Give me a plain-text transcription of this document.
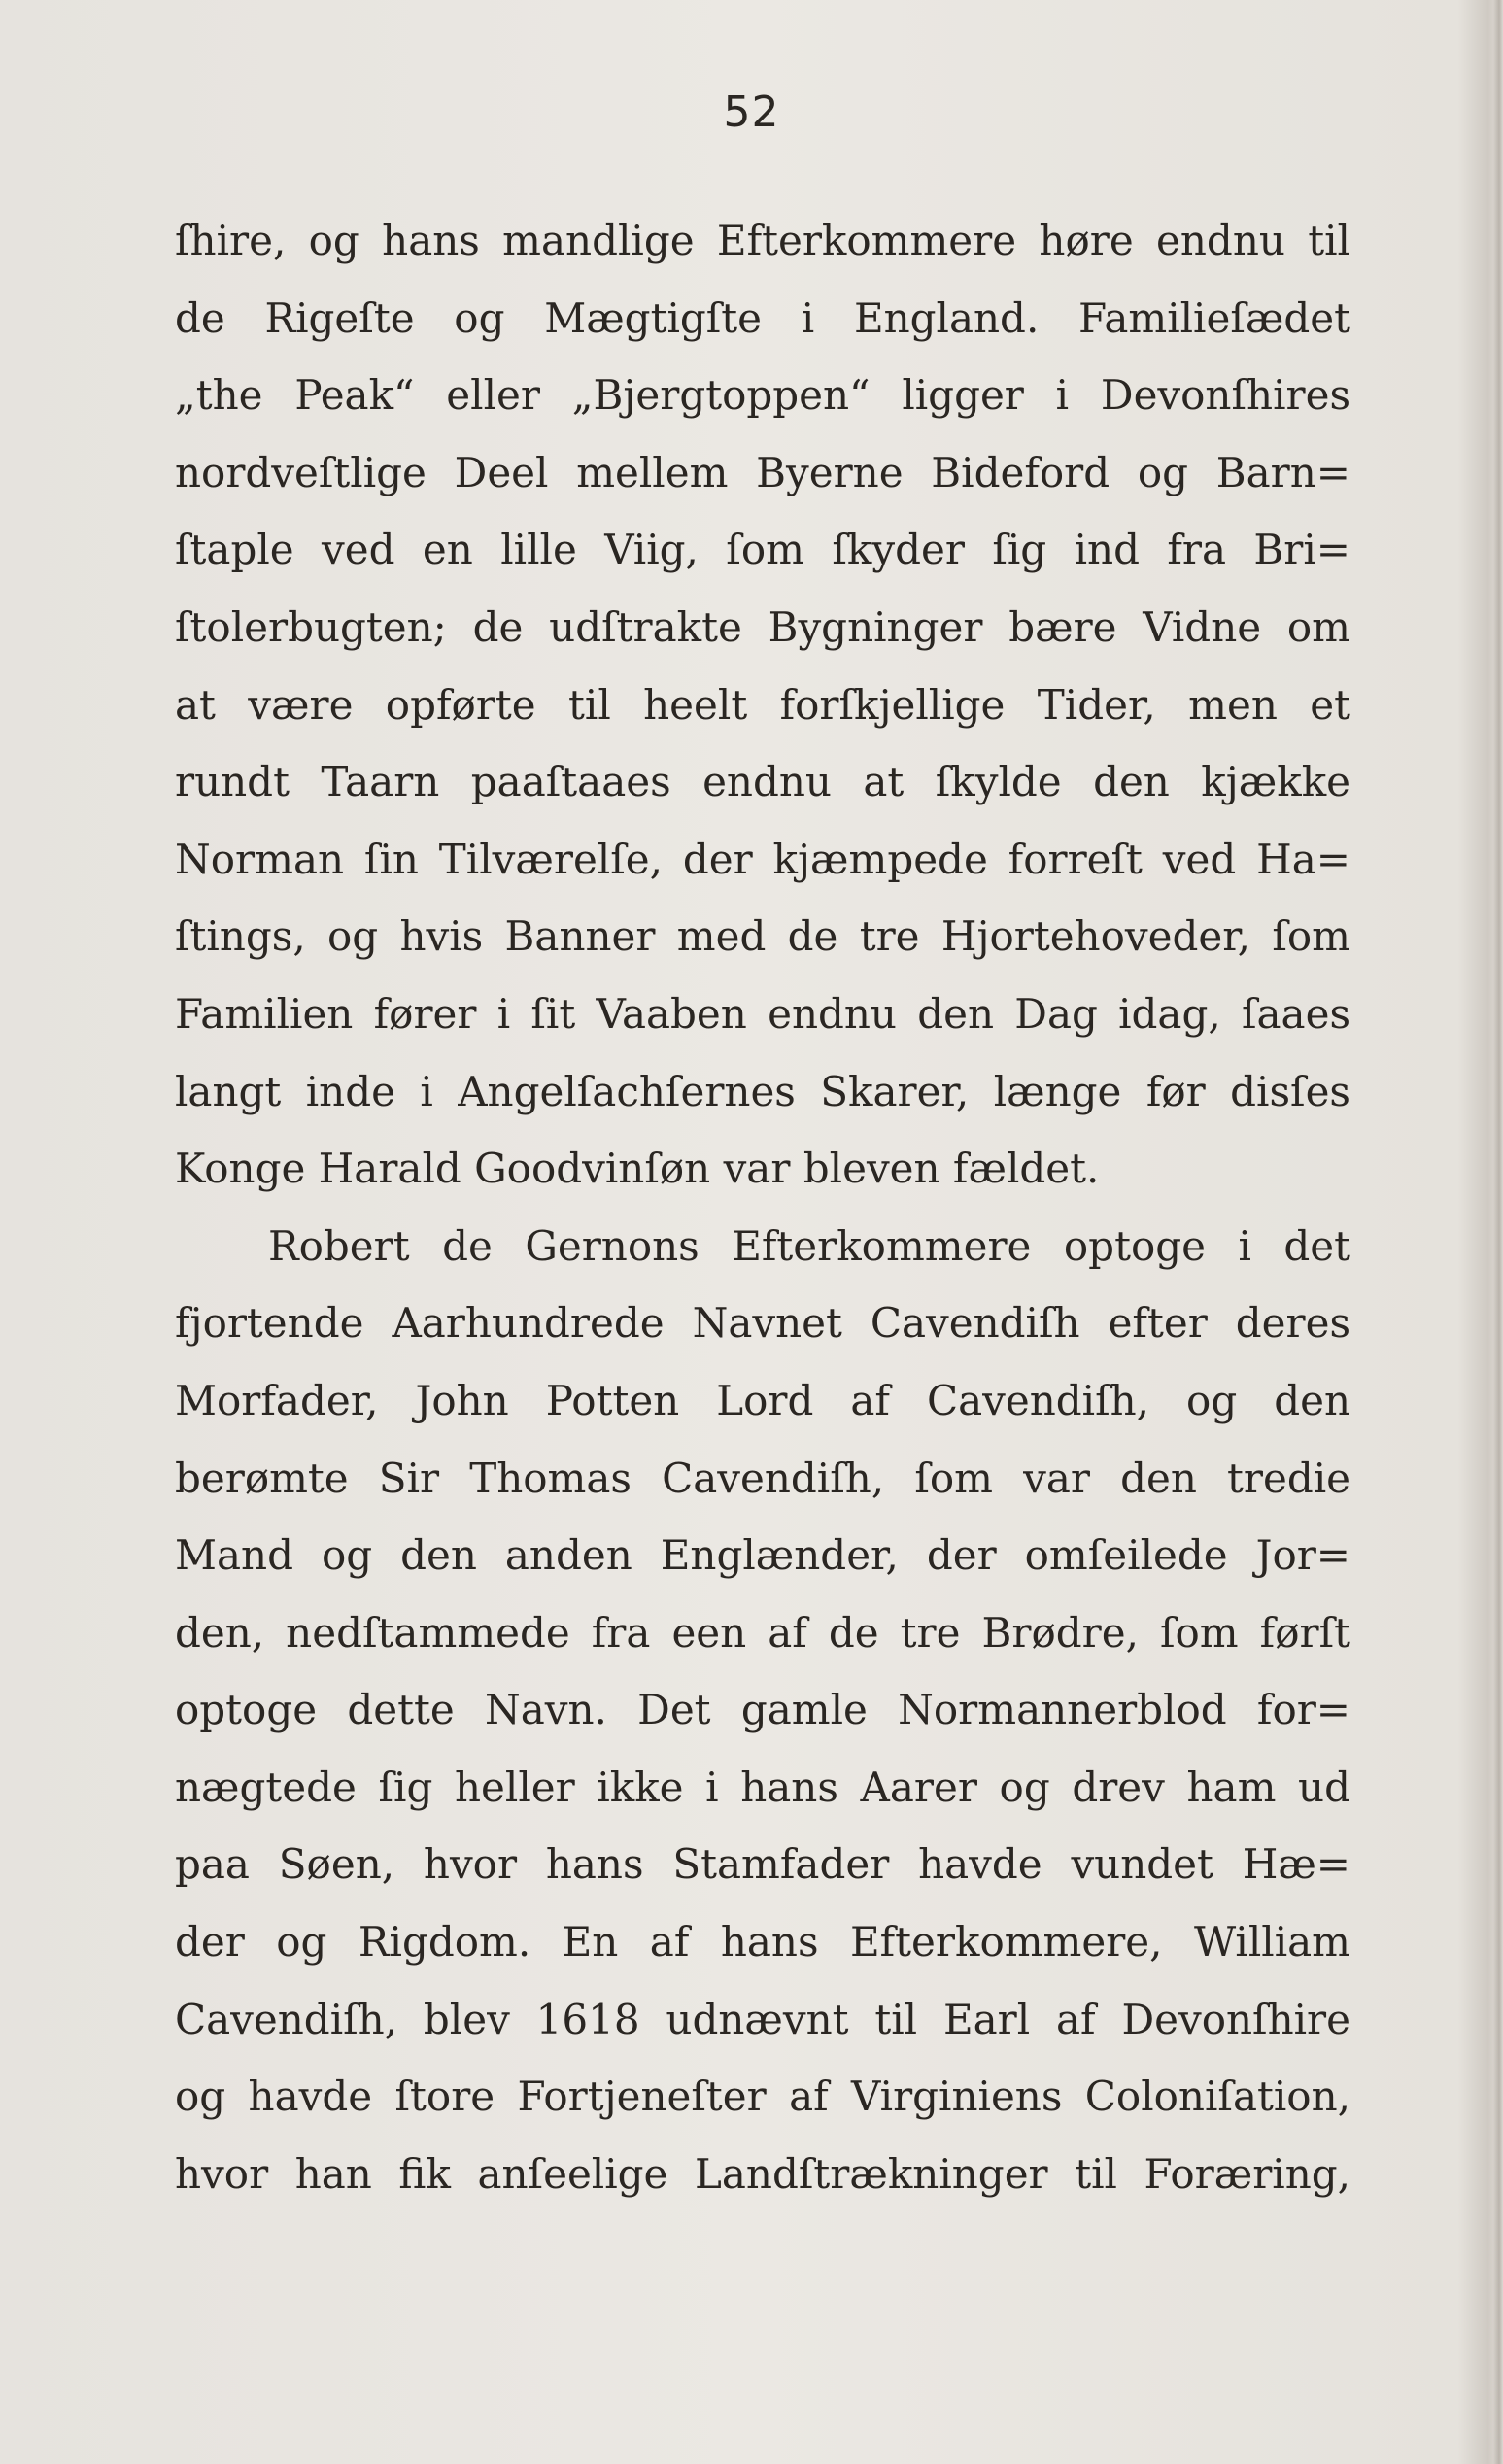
52
ſhire, og hans mandlige Efterkommere høre endnu til
de Rigeſte og Mægtigſte i England. Familieſædet
„the Peak“ eller „Bjergtoppen“ ligger i Devonſhires
nordveſtlige Deel mellem Byerne Bideford og Barn=
ſtaple ved en lille Viig, ſom ſkyder ſig ind fra Bri=
ſtolerbugten; de udſtrakte Bygninger bære Vidne om
at være opførte til heelt forſkjellige Tider, men et
rundt Taarn paaſtaaes endnu at ſkylde den kjække
Norman ſin Tilværelſe, der kjæmpede forreſt ved Ha=
ſtings, og hvis Banner med de tre Hjortehoveder, ſom
Familien fører i ſit Vaaben endnu den Dag idag, ſaaes
langt inde i Angelſachſernes Skarer, længe før disſes
Konge Harald Goodvinſøn var bleven fældet.
Robert de Gernons Efterkommere optoge i det
fjortende Aarhundrede Navnet Cavendiſh efter deres
Morfader, John Potten Lord af Cavendiſh, og den
berømte Sir Thomas Cavendiſh, ſom var den tredie
Mand og den anden Englænder, der omſeilede Jor=
den, nedſtammede fra een af de tre Brødre, ſom førſt
optoge dette Navn. Det gamle Normannerblod for=
nægtede ſig heller ikke i hans Aarer og drev ham ud
paa Søen, hvor hans Stamfader havde vundet Hæ=
der og Rigdom. En af hans Efterkommere, William
Cavendiſh, blev 1618 udnævnt til Earl af Devonſhire
og havde ſtore Fortjeneſter af Virginiens Coloniſation,
hvor han fik anſeelige Landſtrækninger til Foræring,
